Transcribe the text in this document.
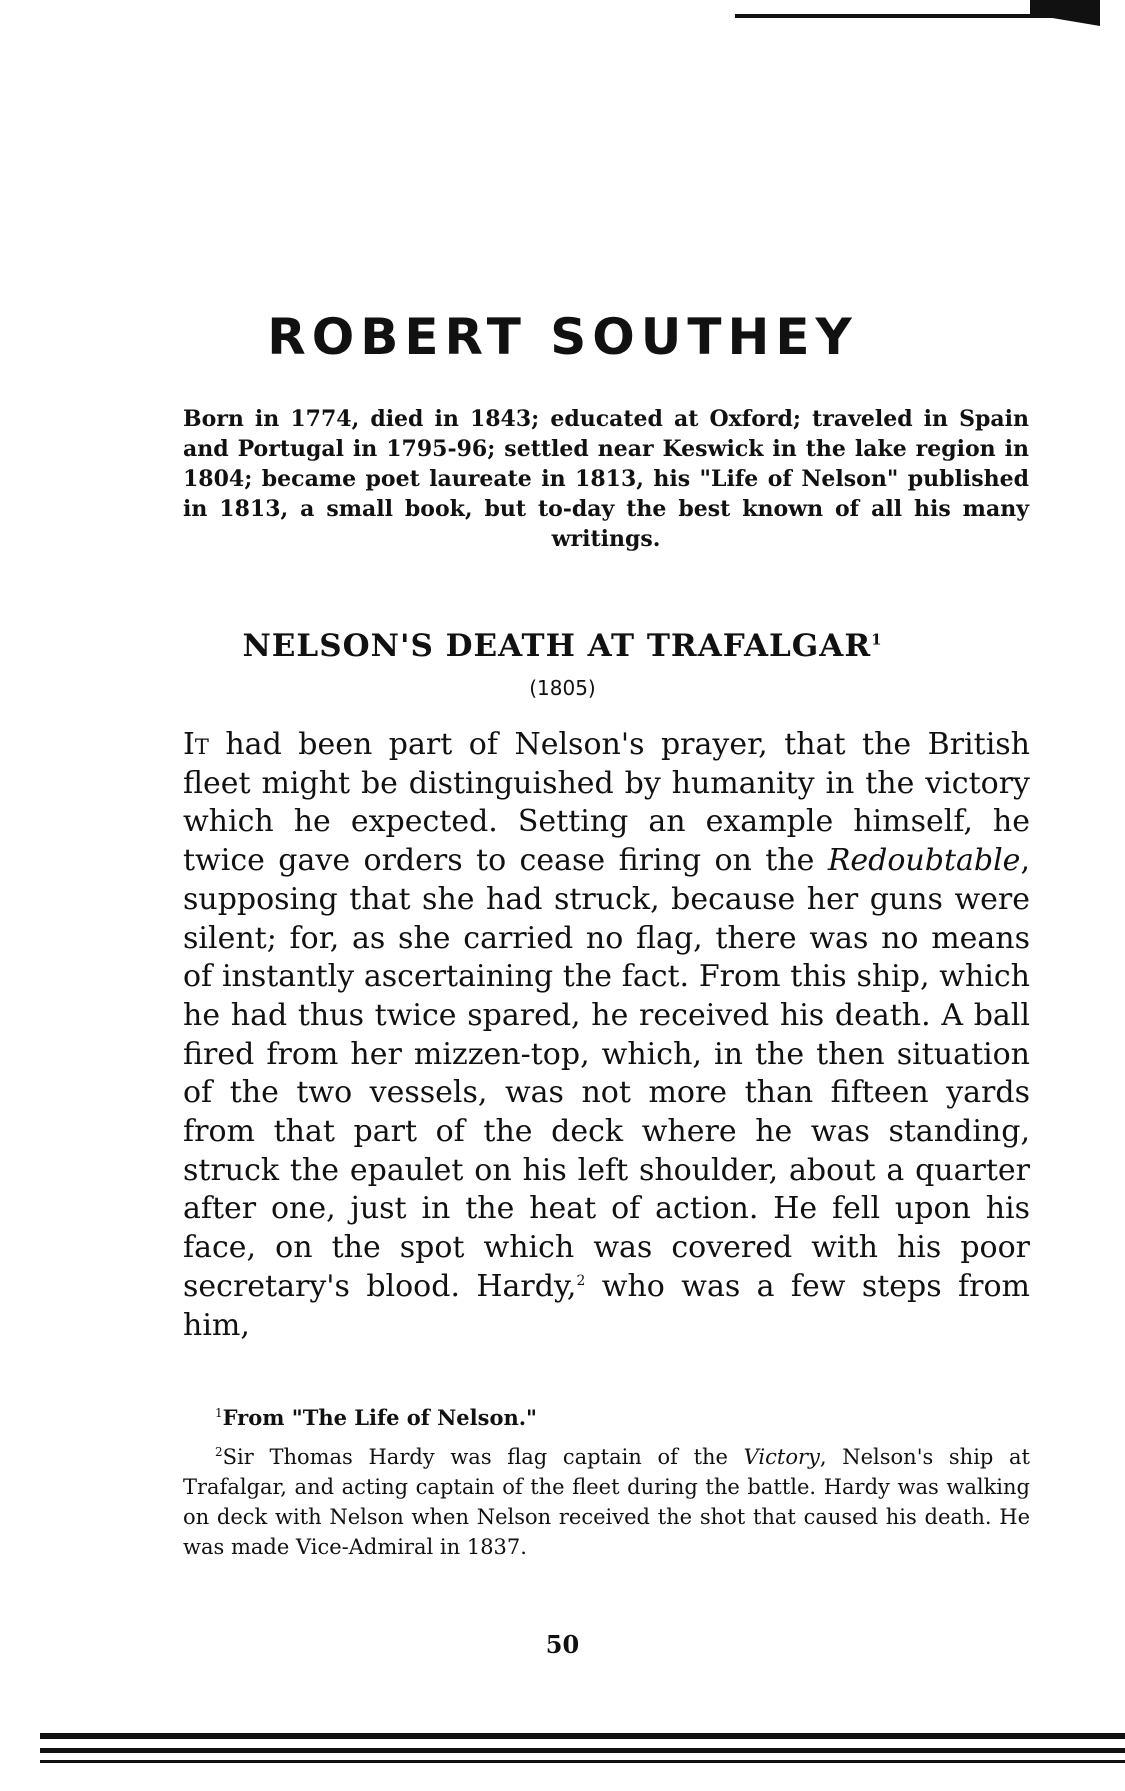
ROBERT SOUTHEY

Born in 1774, died in 1843; educated at Oxford; traveled in Spain and Portugal in 1795-96; settled near Keswick in the lake region in 1804; became poet laureate in 1813, his "Life of Nelson" published in 1813, a small book, but to-day the best known of all his many writings.

NELSON'S DEATH AT TRAFALGAR$^1$
(1805)

It had been part of Nelson's prayer, that the British fleet might be distinguished by humanity in the victory which he expected. Setting an example himself, he twice gave orders to cease firing on the Redoubtable, supposing that she had struck, because her guns were silent; for, as she carried no flag, there was no means of instantly ascertaining the fact. From this ship, which he had thus twice spared, he received his death. A ball fired from her mizzen-top, which, in the then situation of the two vessels, was not more than fifteen yards from that part of the deck where he was standing, struck the epaulet on his left shoulder, about a quarter after one, just in the heat of action. He fell upon his face, on the spot which was covered with his poor secretary's blood. Hardy,$^2$ who was a few steps from him,

$^1$From "The Life of Nelson."

$^2$Sir Thomas Hardy was flag captain of the Victory, Nelson's ship at Trafalgar, and acting captain of the fleet during the battle. Hardy was walking on deck with Nelson when Nelson received the shot that caused his death. He was made Vice-Admiral in 1837.

50
